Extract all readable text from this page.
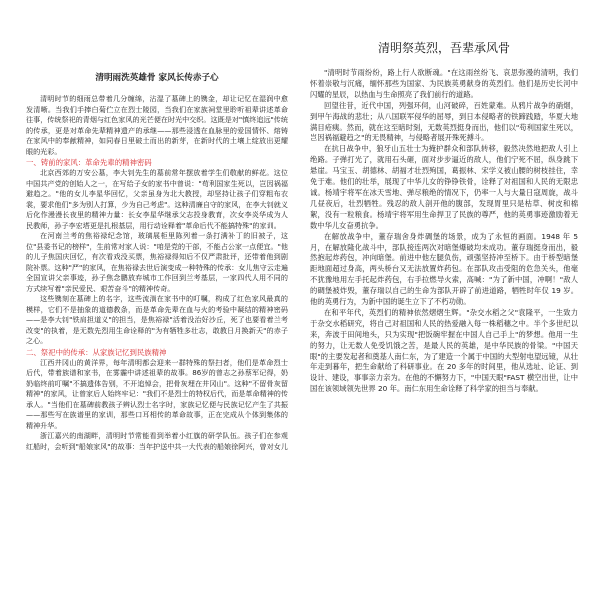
清明雨洗英雄骨 家风长传赤子心

清明时节的细雨总带着几分缠绵，沾湿了墓碑上的镌金，却让记忆在湿润中愈发清晰。当我们手捧白菊伫立在烈士陵园，当我们在家族祠堂里聆听祖辈讲述革命往事，传统祭祀的青烟与红色家风的光芒便在时光中交织。这既是对"慎终追远"传统的传承，更是对革命先辈精神遗产的承继——那些浸透在血脉里的爱国情怀、熔铸在家风中的奉献精神，如同春日里破土而出的新芽，在新时代的土壤上绽放出更耀眼的光彩。

一、铸前的家风：革命先辈的精神密码

北京西郊的万安公墓，李大钊先生的墓前常年摆放着学生们敬献的鲜花。这位中国共产党的创始人之一，在写给子女的家书中曾说："苟利国家生死以，岂因祸福避趋之。"他的女儿李星华回忆，父亲虽身为北大教授，却坚持让孩子们穿粗布衣裳，要求他们"多为别人打算，少为自己考虑"。这种清廉自守的家风，在李大钊就义后化作漫漫长夜里的精神力量：长女李星华继承父志投身教育，次女李炎华成为人民教师，孙子李宏塔更是扎根基层，用行动诠释着"革命后代不能搞特殊"的家训。

在河南兰考的焦裕禄纪念馆，玻璃展柜里陈列着一条打满补丁的旧被子，这位"县委书记的榜样"，生前常对家人说："咱是党的干部，不能占公家一点便宜。"他的儿子焦国庆回忆，有次看戏没买票，焦裕禄得知后不仅严肃批评，还带着他到剧院补票。这种"严"的家风，在焦裕禄去世后演变成一种特殊的传承：女儿焦守云走遍全国宣讲父亲事迹，孙子焦念鹏放弃城市工作回到兰考基层，一家四代人用不同的方式续写着"亲民爱民、艰苦奋斗"的精神传奇。

这些镌刻在墓碑上的名字，这些流淌在家书中的叮嘱，构成了红色家风最真的模样，它们不是抽象的道德教条，而是革命先辈在血与火的考验中凝结的精神密码——是李大钊"铁肩担道义"的担当，是焦裕禄"活着没治好沙丘，死了也要看着兰考改变"的执着，是无数先烈用生命诠释的"为有牺牲多壮志，敢教日月换新天"的赤子之心。

二、祭祀中的传承：从家族记忆到民族精神

江西井冈山的黄洋界，每年清明都会迎来一群特殊的祭扫者，他们是革命烈士后代，带着族谱和家书，在雾霾中讲述祖辈的故事。86岁的曾志之孙蔡军记得，奶奶临终前叮嘱"不搞遗体告别，不开追悼会，把骨灰埋在井冈山"。这种"不留骨灰留精神"的家风，让曾家后人始终牢记："我们不是烈士的特权后代，而是革命精神的传承人。"当他们在墓碑前教孩子辨认烈士名字时，家族记忆便与民族记忆产生了共振——那些写在族谱里的家训，那些口耳相传的革命故事，正在完成从个体到集体的精神升华。

浙江嘉兴的南湖畔，清明时节常能看到举着小红旗的研学队伍。孩子们在参观红船时，会听到"船娘家风"的故事：当年护送中共一大代表的船娘徐阿兴，曾对女儿

清明祭英烈，吾辈承风骨

"清明时节雨纷纷，路上行人欲断魂。"在这雨丝纷飞、哀思弥漫的清明，我们怀着崇敬与沉痛，缅怀那些为国家、为民族英勇献身的英烈们。他们是历史长河中闪耀的星辰，以热血与生命照亮了我们前行的道路。

回望往昔，近代中国，列强环伺，山河破碎，百姓蒙难。从鸦片战争的硝烟，到甲午海战的悲壮；从八国联军侵华的屈辱，到日本侵略者的铁蹄践踏，华夏大地满目疮痍。然而，就在这至暗时刻，无数英烈挺身而出，他们以"苟利国家生死以，岂因祸福避趋之"的无畏精神，与侵略者展开殊死搏斗。

在抗日战争中，狼牙山五壮士为掩护群众和部队转移，毅然决然地把敌人引上绝路。子弹打光了，就用石头砸，面对步步逼近的敌人，他们宁死不屈，纵身跳下悬崖。马宝玉、胡德林、胡福才壮烈殉国，葛振林、宋学义被山腰的树枝挂住，幸免于难。他们的壮举，展现了中华儿女的铮铮铁骨，诠释了对祖国和人民的无限忠诚。杨靖宇将军在冰天雪地、弹尽粮绝的情况下，仍率一人与大量日寇周旋，战斗几昼夜后，壮烈牺牲。残忍的敌人剖开他的腹部，发现胃里只是枯草、树皮和棉絮，没有一粒粮食。杨靖宇将军用生命捍卫了民族的尊严，他的英勇事迹激励着无数中华儿女奋勇抗争。

在解放战争中，董存瑞舍身炸碉堡的场景，成为了永恒的画面。1948 年 5 月，在解放隆化战斗中，部队接连两次对暗堡爆破均未成功。董存瑞挺身而出，毅然抱起炸药包，冲向暗堡。前进中他左腿负伤，顽强坚持冲至桥下。由于桥型暗堡距地面超过身高，两头桥台又无法放置炸药包。在部队攻击受阻的危急关头，他毫不犹豫地用左手托起炸药包，右手拉燃导火索，高喊："为了新中国，冲啊！"敌人的碉堡被炸毁，董存瑞以自己的生命为部队开辟了前进道路，牺牲时年仅 19 岁。他的英勇行为，为新中国的诞生立下了不朽功勋。

在和平年代，英烈们的精神依然熠熠生辉。"杂交水稻之父"袁隆平，一生致力于杂交水稻研究，将自己对祖国和人民的热爱融入每一株稻穗之中。半个多世纪以来，奔波于田间地头，只为实现"把饭碗牢握在中国人自己手上"的梦想。他用一生的努力，让无数人免受饥饿之苦，是最人民的英雄，是中华民族的骨梁。"中国天眼"的主要发起者和奠基人南仁东，为了建造一个属于中国的大型射电望远镜，从壮年走到暮年，把生命献给了科研事业。在 20 多年的时间里，他从选址、论证、到设计、建设，事事亲力亲为。在他的不懈努力下，"中国天眼"FAST 横空出世，让中国在该领域领先世界 20 年。南仁东用生命诠释了科学家的担当与奉献。
